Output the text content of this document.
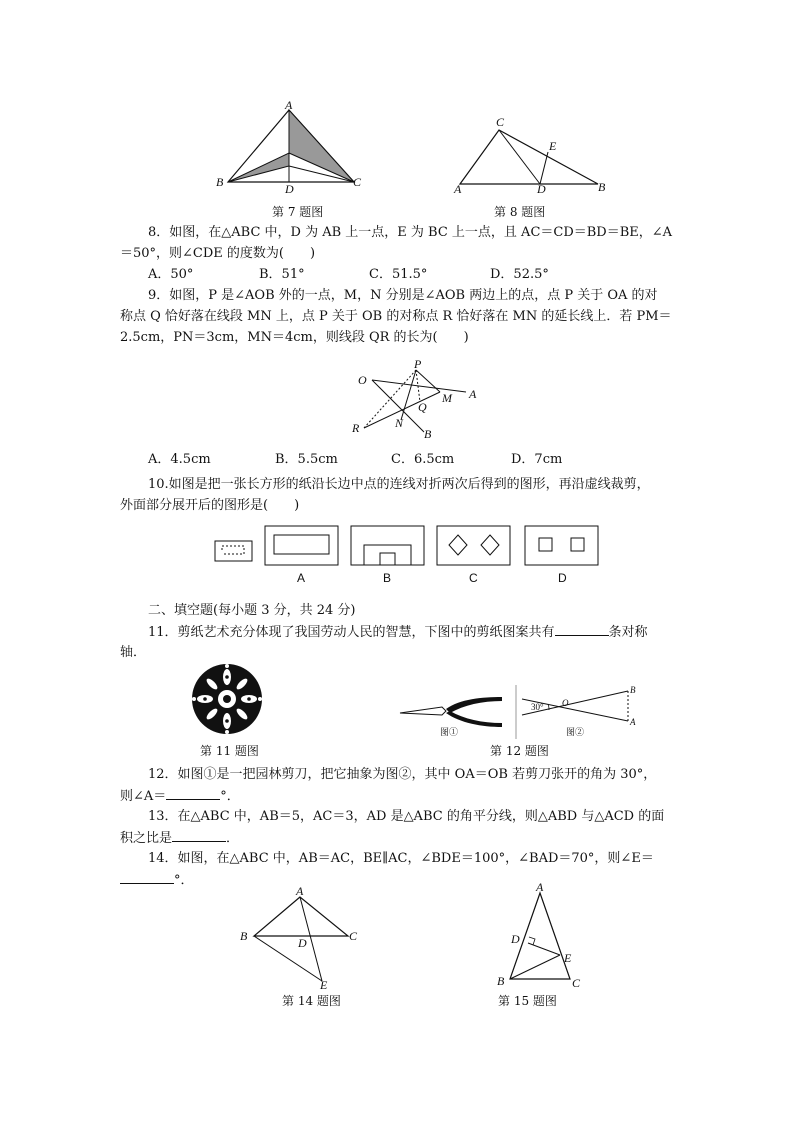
A
B	C
D
第 7 题图
C
E
A	D	B
第 8 题图
8．如图，在△ABC 中，D 为 AB 上一点，E 为 BC 上一点，且 AC＝CD＝BD＝BE，∠A
＝50°，则∠CDE 的度数为(　　)
A．50°	B．51°	C．51.5°	D．52.5°
9．如图，P 是∠AOB 外的一点，M，N 分别是∠AOB 两边上的点，点 P 关于 OA 的对
称点 Q 恰好落在线段 MN 上，点 P 关于 OB 的对称点 R 恰好落在 MN 的延长线上．若 PM＝
2.5cm，PN＝3cm，MN＝4cm，则线段 QR 的长为(　　)
P
O
A
M
Q
R	N
B
A．4.5cm	B．5.5cm	C．6.5cm	D．7cm
10.如图是把一张长方形的纸沿长边中点的连线对折两次后得到的图形，再沿虚线裁剪，
外面部分展开后的图形是(　　)
A	B	C	D
二、填空题(每小题 3 分，共 24 分)
11．剪纸艺术充分体现了我国劳动人民的智慧，下图中的剪纸图案共有	条对称
轴．
第 11 题图
30° O
B
A
图①	图②
第 12 题图
12．如图①是一把园林剪刀，把它抽象为图②，其中 OA＝OB 若剪刀张开的角为 30°，
则∠A＝	°．
13．在△ABC 中，AB＝5，AC＝3，AD 是△ABC 的角平分线，则△ABD 与△ACD 的面
积之比是	．
14．如图，在△ABC 中，AB＝AC，BE∥AC，∠BDE＝100°，∠BAD＝70°，则∠E＝
°．
A
B	C
D
E
第 14 题图
A
D
E
B	C
第 15 题图
